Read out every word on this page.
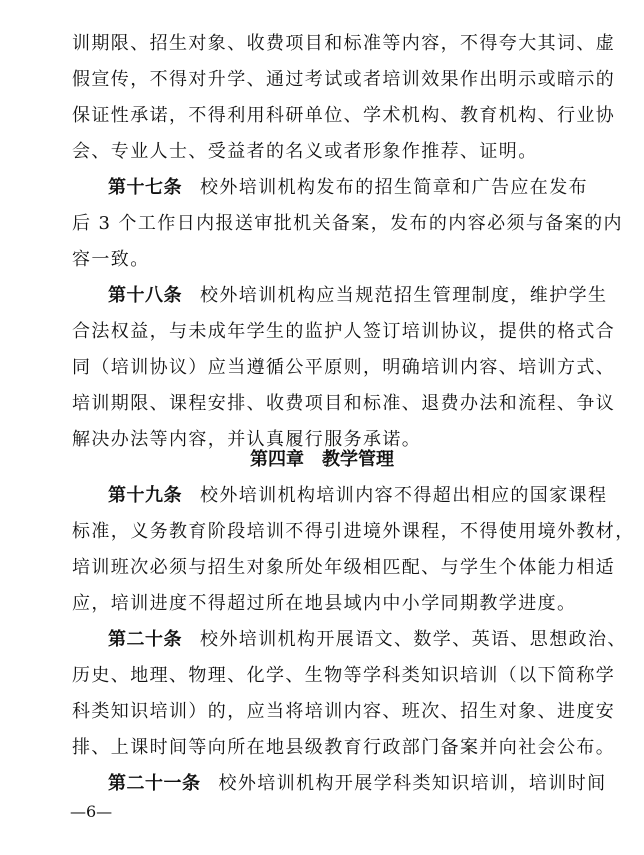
训期限、招生对象、收费项目和标准等内容，不得夸大其词、虚
假宣传，不得对升学、通过考试或者培训效果作出明示或暗示的
保证性承诺，不得利用科研单位、学术机构、教育机构、行业协
会、专业人士、受益者的名义或者形象作推荐、证明。
第十七条 校外培训机构发布的招生简章和广告应在发布
后 3 个工作日内报送审批机关备案，发布的内容必须与备案的内
容一致。
第十八条 校外培训机构应当规范招生管理制度，维护学生
合法权益，与未成年学生的监护人签订培训协议，提供的格式合
同（培训协议）应当遵循公平原则，明确培训内容、培训方式、
培训期限、课程安排、收费项目和标准、退费办法和流程、争议
解决办法等内容，并认真履行服务承诺。
第四章 教学管理
第十九条 校外培训机构培训内容不得超出相应的国家课程
标准，义务教育阶段培训不得引进境外课程，不得使用境外教材，
培训班次必须与招生对象所处年级相匹配、与学生个体能力相适
应，培训进度不得超过所在地县域内中小学同期教学进度。
第二十条 校外培训机构开展语文、数学、英语、思想政治、
历史、地理、物理、化学、生物等学科类知识培训（以下简称学
科类知识培训）的，应当将培训内容、班次、招生对象、进度安
排、上课时间等向所在地县级教育行政部门备案并向社会公布。
第二十一条 校外培训机构开展学科类知识培训，培训时间
—6—
